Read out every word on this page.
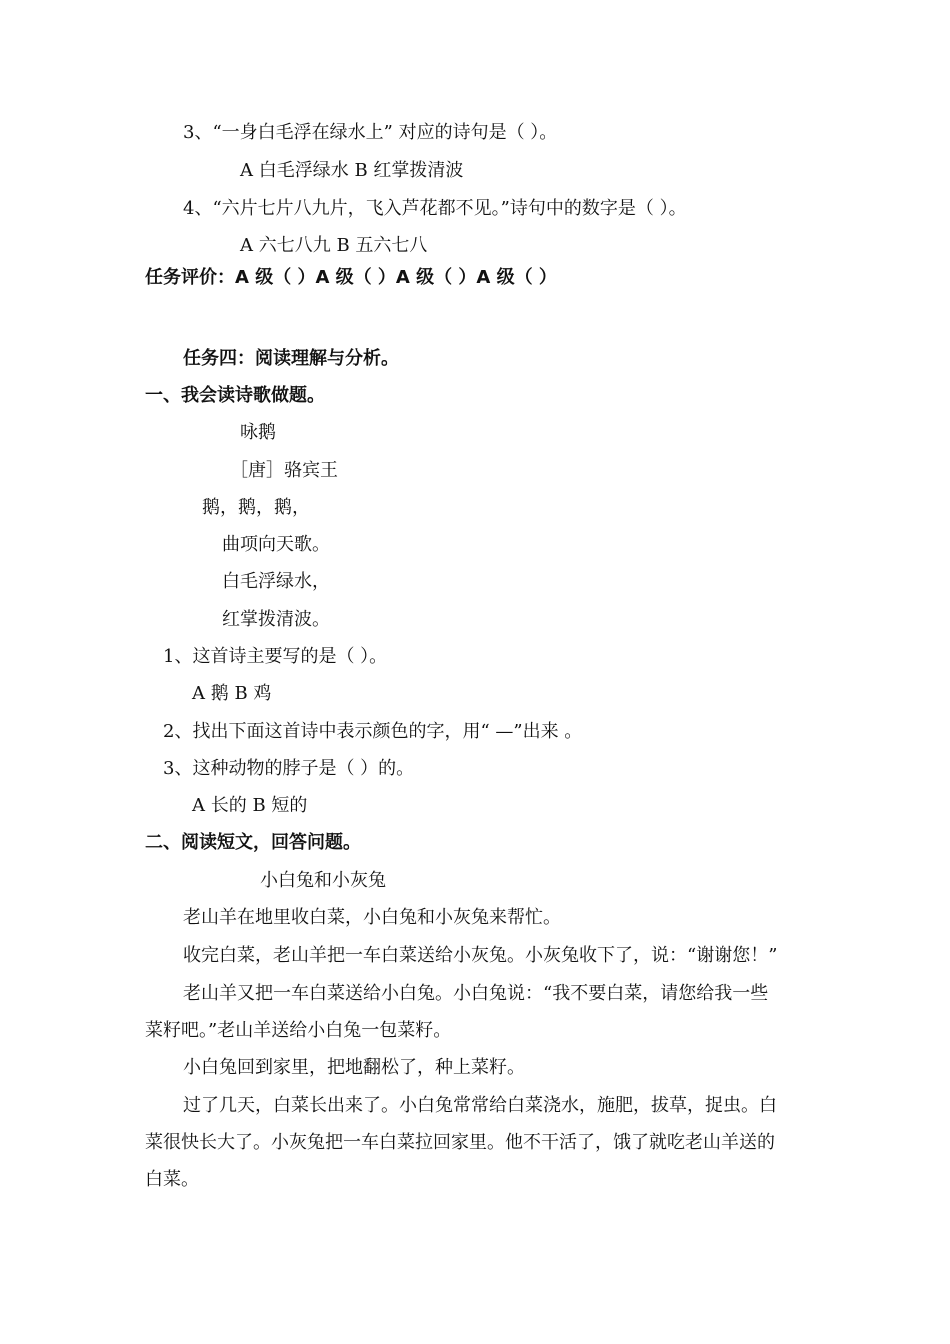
3、“一身白毛浮在绿水上” 对应的诗句是（ ）。
A 白毛浮绿水 B 红掌拨清波
4、“六片七片八九片，飞入芦花都不见。”诗句中的数字是（ ）。
A 六七八九 B 五六七八
任务评价：A 级（ ）A 级（ ）A 级（ ）A 级（ ）
任务四：阅读理解与分析。
一、我会读诗歌做题。
咏鹅
［唐］骆宾王
鹅，鹅，鹅，
曲项向天歌。
白毛浮绿水，
红掌拨清波。
1、这首诗主要写的是（ ）。
A 鹅 B 鸡
2、找出下面这首诗中表示颜色的字，用“ —”出来 。
3、这种动物的脖子是（ ）的。
A 长的 B 短的
二、阅读短文，回答问题。
小白兔和小灰兔
老山羊在地里收白菜，小白兔和小灰兔来帮忙。
收完白菜，老山羊把一车白菜送给小灰兔。小灰兔收下了，说：“谢谢您！”
老山羊又把一车白菜送给小白兔。小白兔说：“我不要白菜，请您给我一些
菜籽吧。”老山羊送给小白兔一包菜籽。
小白兔回到家里，把地翻松了，种上菜籽。
过了几天，白菜长出来了。小白兔常常给白菜浇水，施肥，拔草，捉虫。白
菜很快长大了。小灰兔把一车白菜拉回家里。他不干活了，饿了就吃老山羊送的
白菜。
